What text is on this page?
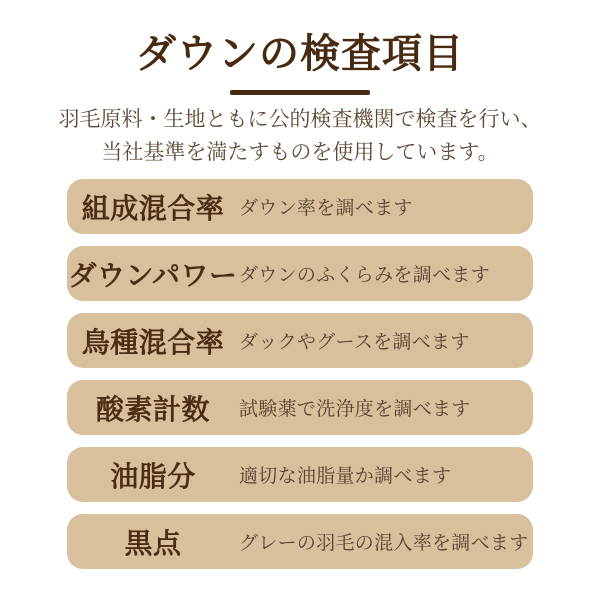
ダウンの検査項目

羽毛原料・生地ともに公的検査機関で検査を行い、
当社基準を満たすものを使用しています。

組成混合率 ダウン率を調べます
ダウンパワー ダウンのふくらみを調べます
鳥種混合率 ダックやグースを調べます
酸素計数	試験薬で洗浄度を調べます
油脂分	適切な油脂量か調べます
黒点	グレーの羽毛の混入率を調べます
